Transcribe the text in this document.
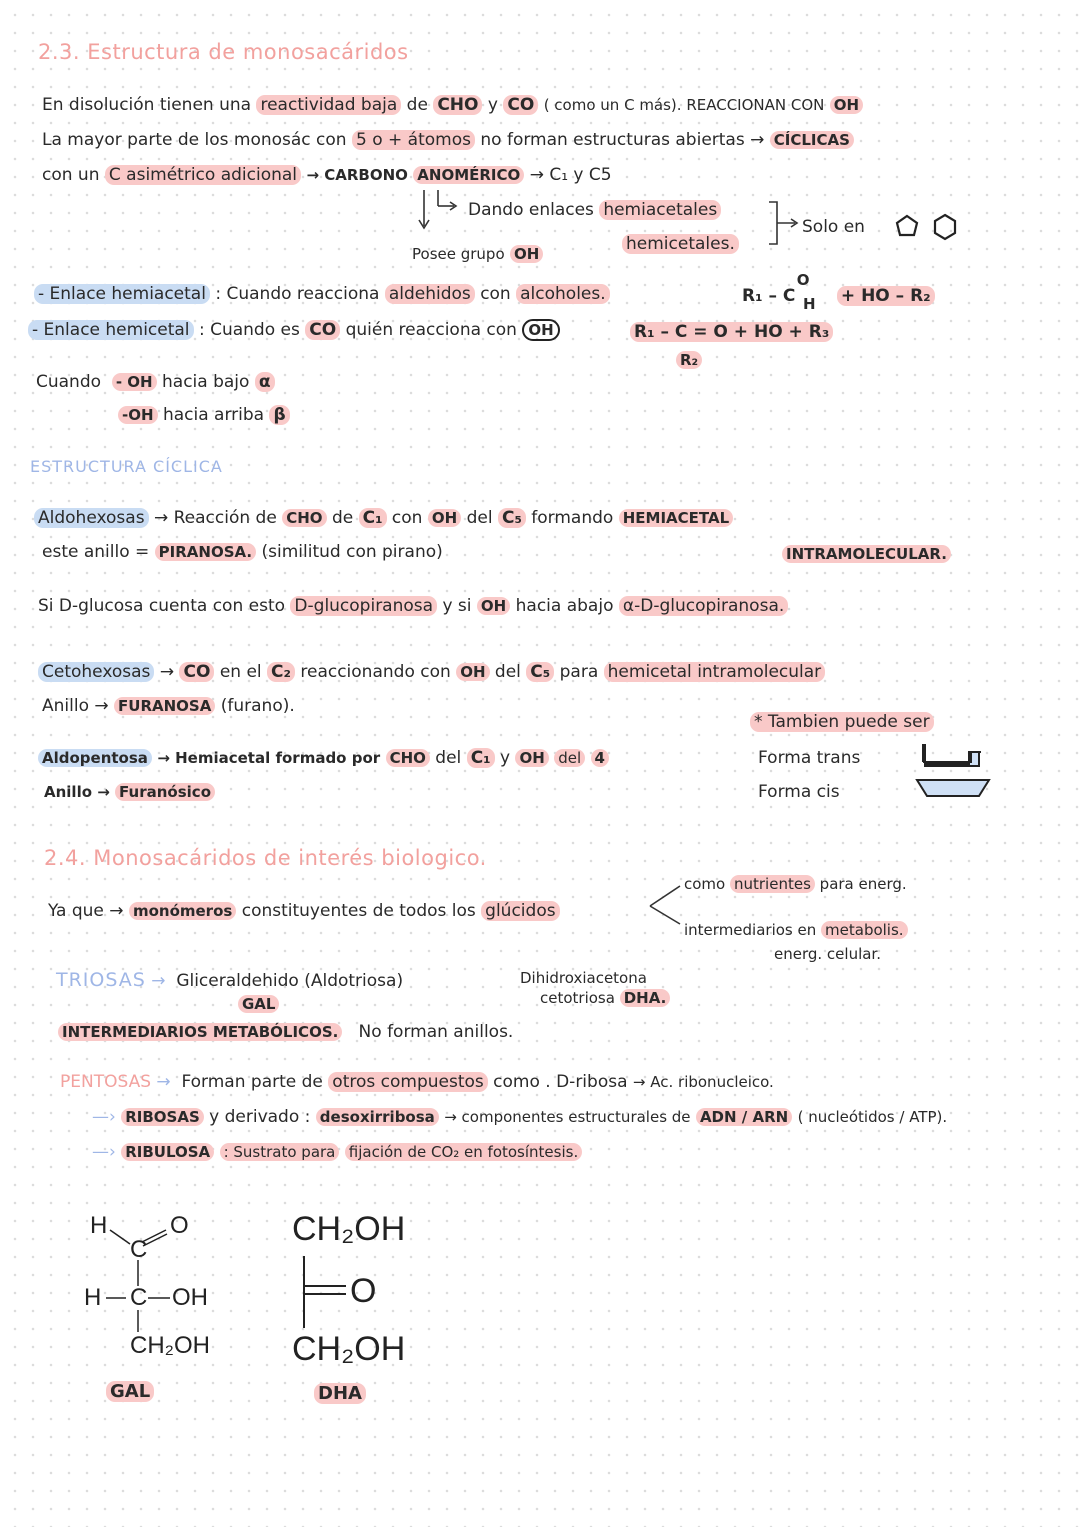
2.3. Estructura de monosacáridos
En disolución tienen una reactividad baja de CHO y CO ( como un C más). REACCIONAN CON OH
La mayor parte de los monosác con 5 o + átomos no forman estructuras abiertas → CÍCLICAS
con un C asimétrico adicional → CARBONO ANOMÉRICO → C₁ y C5
Dando enlaces hemiacetales
hemicetales.
Solo en
Posee grupo OH
- Enlace hemiacetal : Cuando reacciona aldehidos con alcoholes.	R₁ – C O H + HO – R₂
- Enlace hemicetal : Cuando es CO quién reacciona con OH	R₁ – C = O + HO + R₃
R₂
Cuando - OH hacia bajo α
-OH hacia arriba β
ESTRUCTURA CÍCLICA
Aldohexosas → Reacción de CHO de C₁ con OH del C₅ formando HEMIACETAL
este anillo = PIRANOSA. (similitud con pirano)	INTRAMOLECULAR.
Si D-glucosa cuenta con esto D-glucopiranosa y si OH hacia abajo α-D-glucopiranosa.
Cetohexosas → CO en el C₂ reaccionando con OH del C₅ para hemicetal intramolecular
Anillo → FURANOSA (furano).
* Tambien puede ser
Forma trans
Forma cis
Aldopentosa → Hemiacetal formado por CHO del C₁ y OH del 4
Anillo → Furanósico
2.4. Monosacáridos de interés biologico.
Ya que → monómeros constituyentes de todos los glúcidos
como nutrientes para energ.
intermediarios en metabolis.
energ. celular.
TRIOSAS → Gliceraldehido (Aldotriosa)
GAL
Dihidroxiacetona
cetotriosa DHA.
INTERMEDIARIOS METABÓLICOS. No forman anillos.
PENTOSAS → Forman parte de otros compuestos como . D-ribosa → Ac. ribonucleico.
—› RIBOSAS y derivado : desoxirribosa → componentes estructurales de ADN / ARN ( nucleótidos / ATP).
—› RIBULOSA : Sustrato para fijación de CO₂ en fotosíntesis.
H
C
O
H C OH
CH₂OH
GAL
CH₂OH
O
CH₂OH
DHA
